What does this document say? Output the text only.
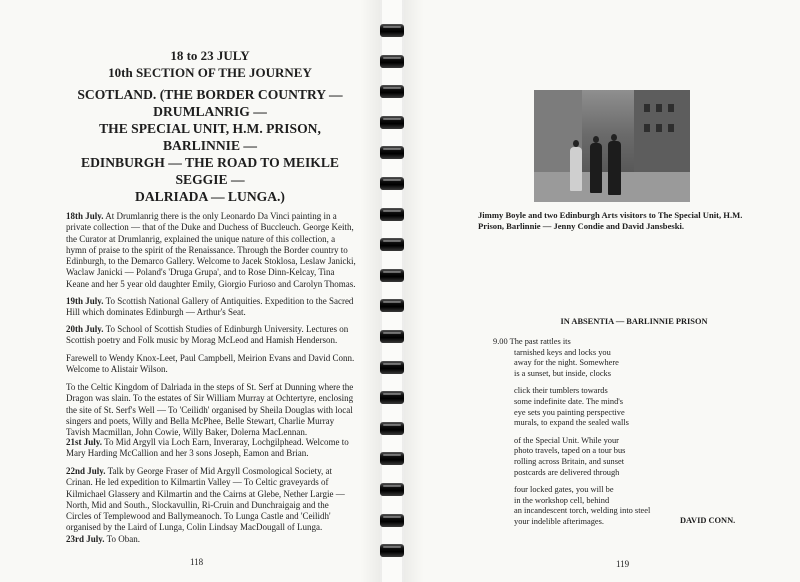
18 to 23 JULY
10th SECTION OF THE JOURNEY
SCOTLAND. (THE BORDER COUNTRY —
DRUMLANRIG —
THE SPECIAL UNIT, H.M. PRISON,
BARLINNIE —
EDINBURGH — THE ROAD TO MEIKLE
SEGGIE —
DALRIADA — LUNGA.)

18th July. At Drumlanrig there is the only Leonardo Da Vinci painting in a private collection — that of the Duke and Duchess of Buccleuch. George Keith, the Curator at Drumlanrig, explained the unique nature of this collection, a hymn of praise to the spirit of the Renaissance. Through the Border country to Edinburgh, to the Demarco Gallery. Welcome to Jacek Stoklosa, Leslaw Janicki, Waclaw Janicki — Poland's 'Druga Grupa', and to Rose Dinn-Kelcay, Tina Keane and her 5 year old daughter Emily, Giorgio Furioso and Carolyn Thomas.

19th July. To Scottish National Gallery of Antiquities. Expedition to the Sacred Hill which dominates Edinburgh — Arthur's Seat.

20th July. To School of Scottish Studies of Edinburgh University. Lectures on Scottish poetry and Folk music by Morag McLeod and Hamish Henderson.

Farewell to Wendy Knox-Leet, Paul Campbell, Meirion Evans and David Conn. Welcome to Alistair Wilson.

To the Celtic Kingdom of Dalriada in the steps of St. Serf at Dunning where the Dragon was slain. To the estates of Sir William Murray at Ochtertyre, enclosing the site of St. Serf's Well — To 'Ceilidh' organised by Sheila Douglas with local singers and poets, Willy and Bella McPhee, Belle Stewart, Charlie Murray Tavish Macmillan, John Cowie, Willy Baker, Dolerna MacLennan.

21st July. To Mid Argyll via Loch Earn, Inveraray, Lochgilphead. Welcome to Mary Harding McCallion and her 3 sons Joseph, Eamon and Brian.

22nd July. Talk by George Fraser of Mid Argyll Cosmological Society, at Crinan. He led expedition to Kilmartin Valley — To Celtic graveyards of Kilmichael Glassery and Kilmartin and the Cairns at Glebe, Nether Largie — North, Mid and South., Slockavullin, Ri-Cruin and Dunchraigaig and the Circles of Templewood and Ballymeanoch. To Lunga Castle and 'Ceilidh' organised by the Laird of Lunga, Colin Lindsay MacDougall of Lunga.

23rd July. To Oban.

118
Jimmy Boyle and two Edinburgh Arts visitors to The Special Unit, H.M. Prison, Barlinnie — Jenny Condie and David Jansbeski.
IN ABSENTIA — BARLINNIE PRISON
9.00 The past rattles its
tarnished keys and locks you
away for the night. Somewhere
is a sunset, but inside, clocks
click their tumblers towards
some indefinite date. The mind's
eye sets you painting perspective
murals, to expand the sealed walls
of the Special Unit. While your
photo travels, taped on a tour bus
rolling across Britain, and sunset
postcards are delivered through
four locked gates, you will be
in the workshop cell, behind
an incandescent torch, welding into steel
your indelible afterimages.	DAVID CONN.
119
